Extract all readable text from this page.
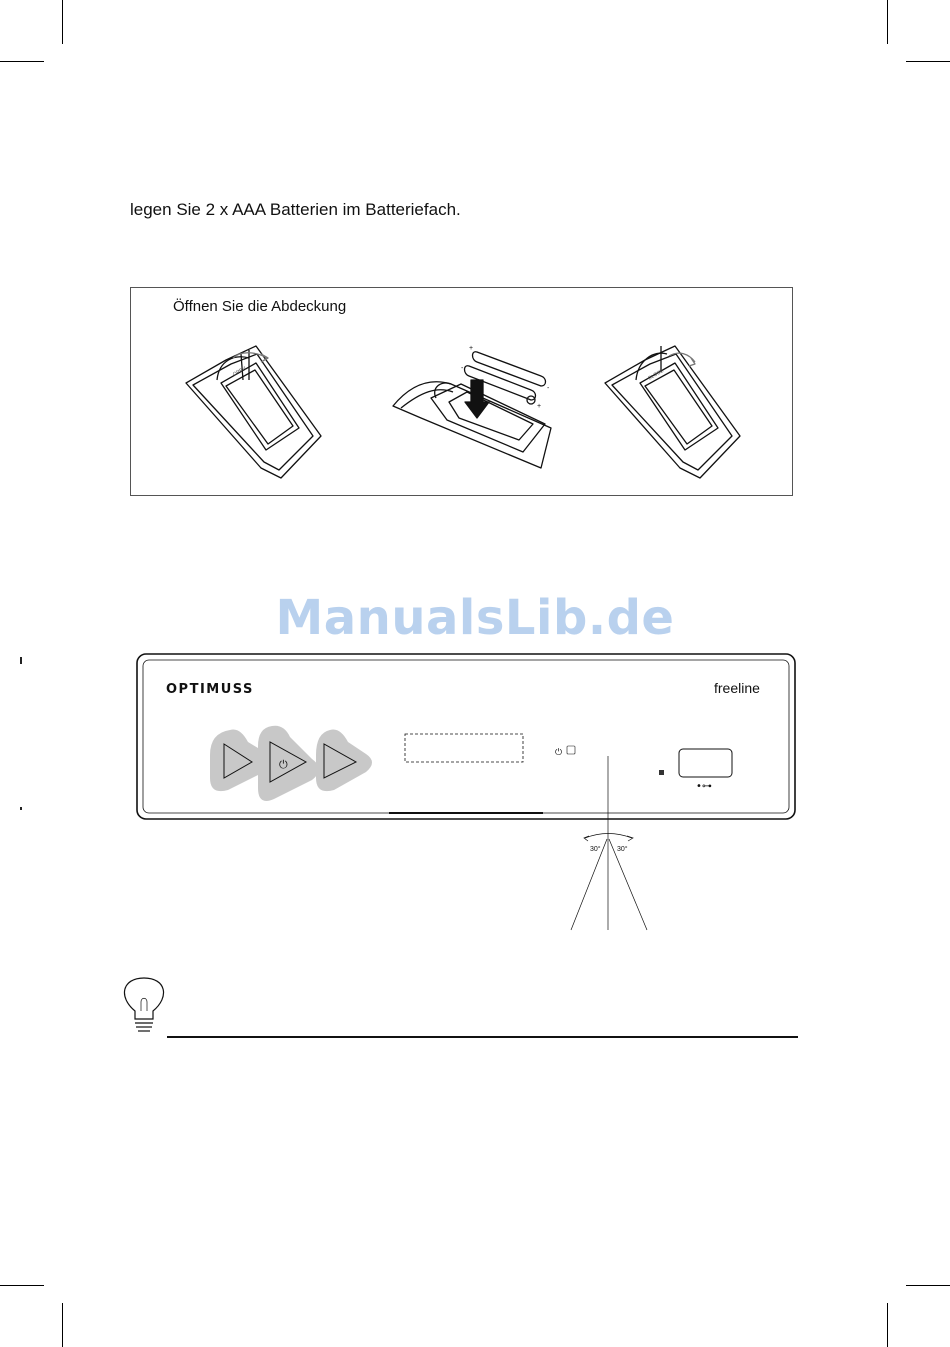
legen Sie 2 x AAA Batterien im Batteriefach.

Öffnen Sie die Abdeckung
OPEN
+
-
-
+
CLOSE
ManualsLib.de
⏻
⏻
OPTIMUSS	freeline
•⊶
30° 30°
